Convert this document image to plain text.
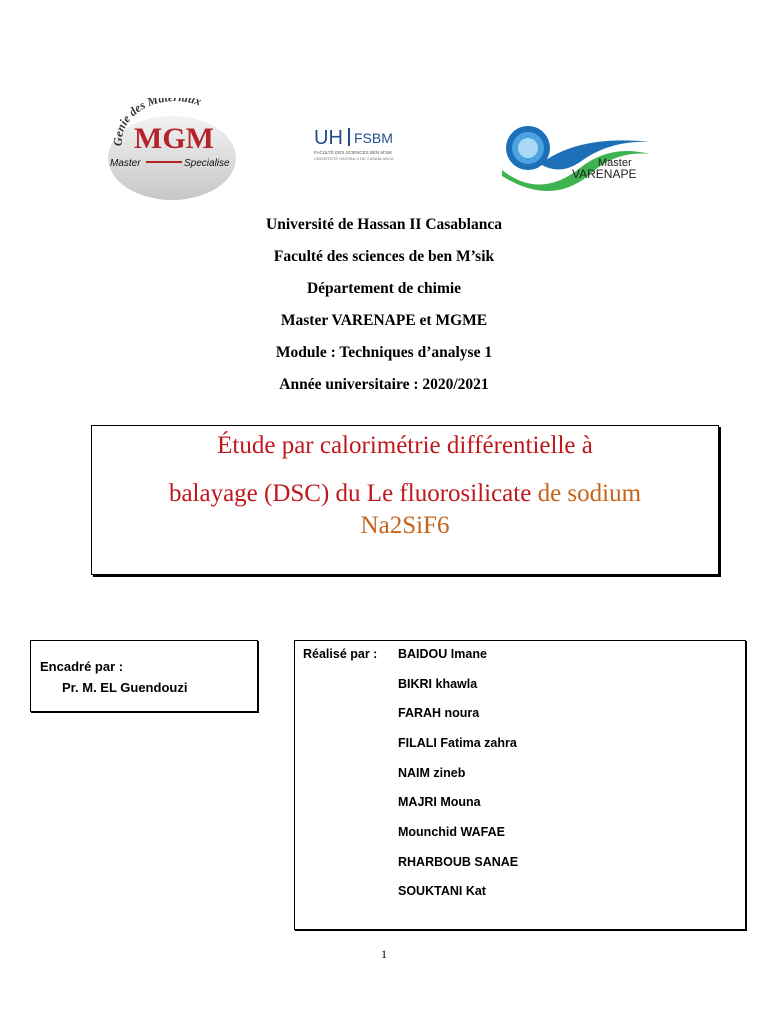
Genie des Ma ux
MGM
Master	Specialise
UH FSBM
FACULTÉ DES SCIENCES BEN M'SIK
UNIVERSITÉ HASSAN II DE CASABLANCA	Master
VARENAPE
Université de Hassan II Casablanca
Faculté des sciences de ben M’sik
Département de chimie
Master VARENAPE et MGME
Module : Techniques d’analyse 1
Année universitaire : 2020/2021
Étude par calorimétrie différentielle à
balayage (DSC) du Le fluorosilicate de sodium
Na2SiF6
Encadré par :
Pr. M. EL Guendouzi
Réalisé par : BAIDOU Imane
BIKRI khawla
FARAH noura
FILALI Fatima zahra
NAIM zineb
MAJRI Mouna
Mounchid WAFAE
RHARBOUB SANAE
SOUKTANI Kat
1
